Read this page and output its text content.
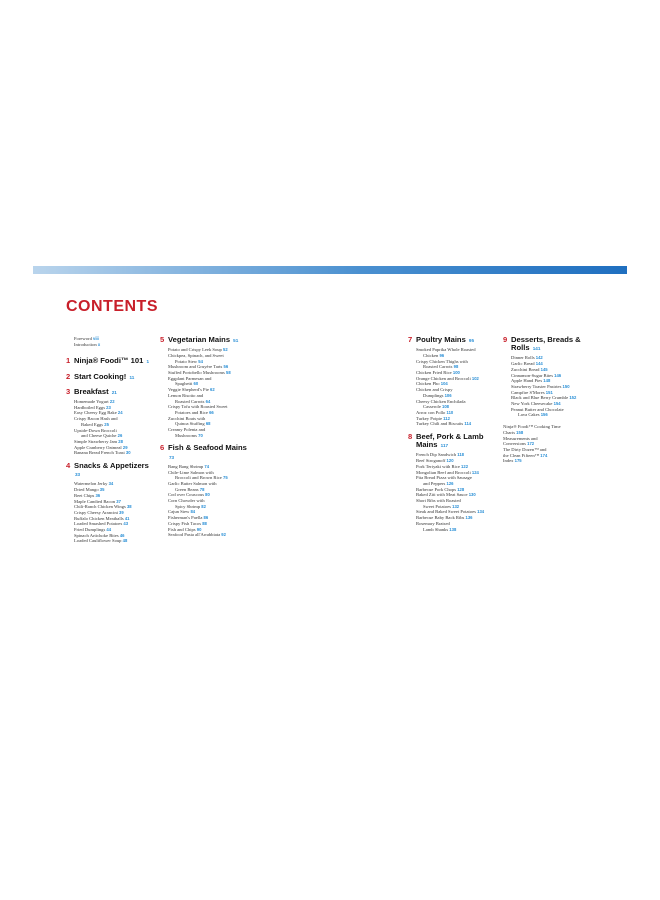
CONTENTS
Foreword viii
Introduction x
1 Ninja® Foodi™ 101 1
2 Start Cooking! 11
3 Breakfast 21
Homemade Yogurt 22
Hardboiled Eggs 23
Easy Cheesy Egg Bake 24
Crispy Bacon Hash and
Baked Eggs 25
Upside-Down Broccoli
and Cheese Quiche 26
Simple Strawberry Jam 28
Apple Cranberry Oatmeal 29
Banana Bread French Toast 30
4 Snacks & Appetizers 33
Watermelon Jerky 34
Dried Mango 35
Beet Chips 36
Maple Candied Bacon 37
Chili-Ranch Chicken Wings 38
Crispy Cheesy Arancini 39
Buffalo Chicken Meatballs 41
Loaded Smashed Potatoes 43
Fried Dumplings 44
Spinach Artichoke Bites 46
Loaded Cauliflower Soup 48
5 Vegetarian Mains 51
Potato and Crispy Leek Soup 52
Chickpea, Spinach, and Sweet
Potato Stew 54
Mushroom and Gruyère Tarts 56
Stuffed Portobello Mushrooms 58
Eggplant Parmesan and
Spaghetti 60
Veggie Shepherd's Pie 62
Lemon Risotto and
Roasted Carrots 64
Crispy Tofu with Roasted Sweet
Potatoes and Rice 66
Zucchini Boats with
Quinoa Stuffing 68
Creamy Polenta and
Mushrooms 70
6 Fish & Seafood Mains 73
Bang Bang Shrimp 74
Chile-Lime Salmon with
Broccoli and Brown Rice 75
Garlic Butter Salmon with
Green Beans 78
Cod over Couscous 80
Corn Chowder with
Spicy Shrimp 82
Cajun Stew 84
Fisherman's Paella 86
Crispy Fish Tacos 88
Fish and Chips 90
Seafood Pasta all'Arrabbiata 92
7 Poultry Mains 95
Smoked Paprika Whole Roasted
Chicken 96
Crispy Chicken Thighs with
Roasted Carrots 98
Chicken Fried Rice 100
Orange Chicken and Broccoli 102
Chicken Pho 104
Chicken and Crispy
Dumplings 106
Cheesy Chicken Enchilada
Casserole 108
Arroz con Pollo 110
Turkey Potpie 112
Turkey Chili and Biscuits 114
8 Beef, Pork & Lamb Mains 117
French Dip Sandwich 118
Beef Stroganoff 120
Pork Teriyaki with Rice 122
Mongolian Beef and Broccoli 124
Pita Bread Pizza with Sausage
and Peppers 126
Barbecue Pork Chops 128
Baked Ziti with Meat Sauce 130
Short Ribs with Roasted
Sweet Potatoes 132
Steak and Baked Sweet Potatoes 134
Barbecue Baby Back Ribs 136
Rosemary Braised
Lamb Shanks 138
9 Desserts, Breads & Rolls 141
Dinner Rolls 142
Garlic Bread 144
Zucchini Bread 145
Cinnamon-Sugar Bites 146
Apple Hand Pies 148
Strawberry Toaster Pastries 150
Campfire S'Mores 151
Black and Blue Berry Crumble 152
New York Cheesecake 154
Peanut Butter and Chocolate
Lava Cakes 156
Ninja® Foodi™ Cooking Time
Charts 158
Measurements and
Conversions 172
The Dirty Dozen™ and
the Clean Fifteen™ 174
Index 175
